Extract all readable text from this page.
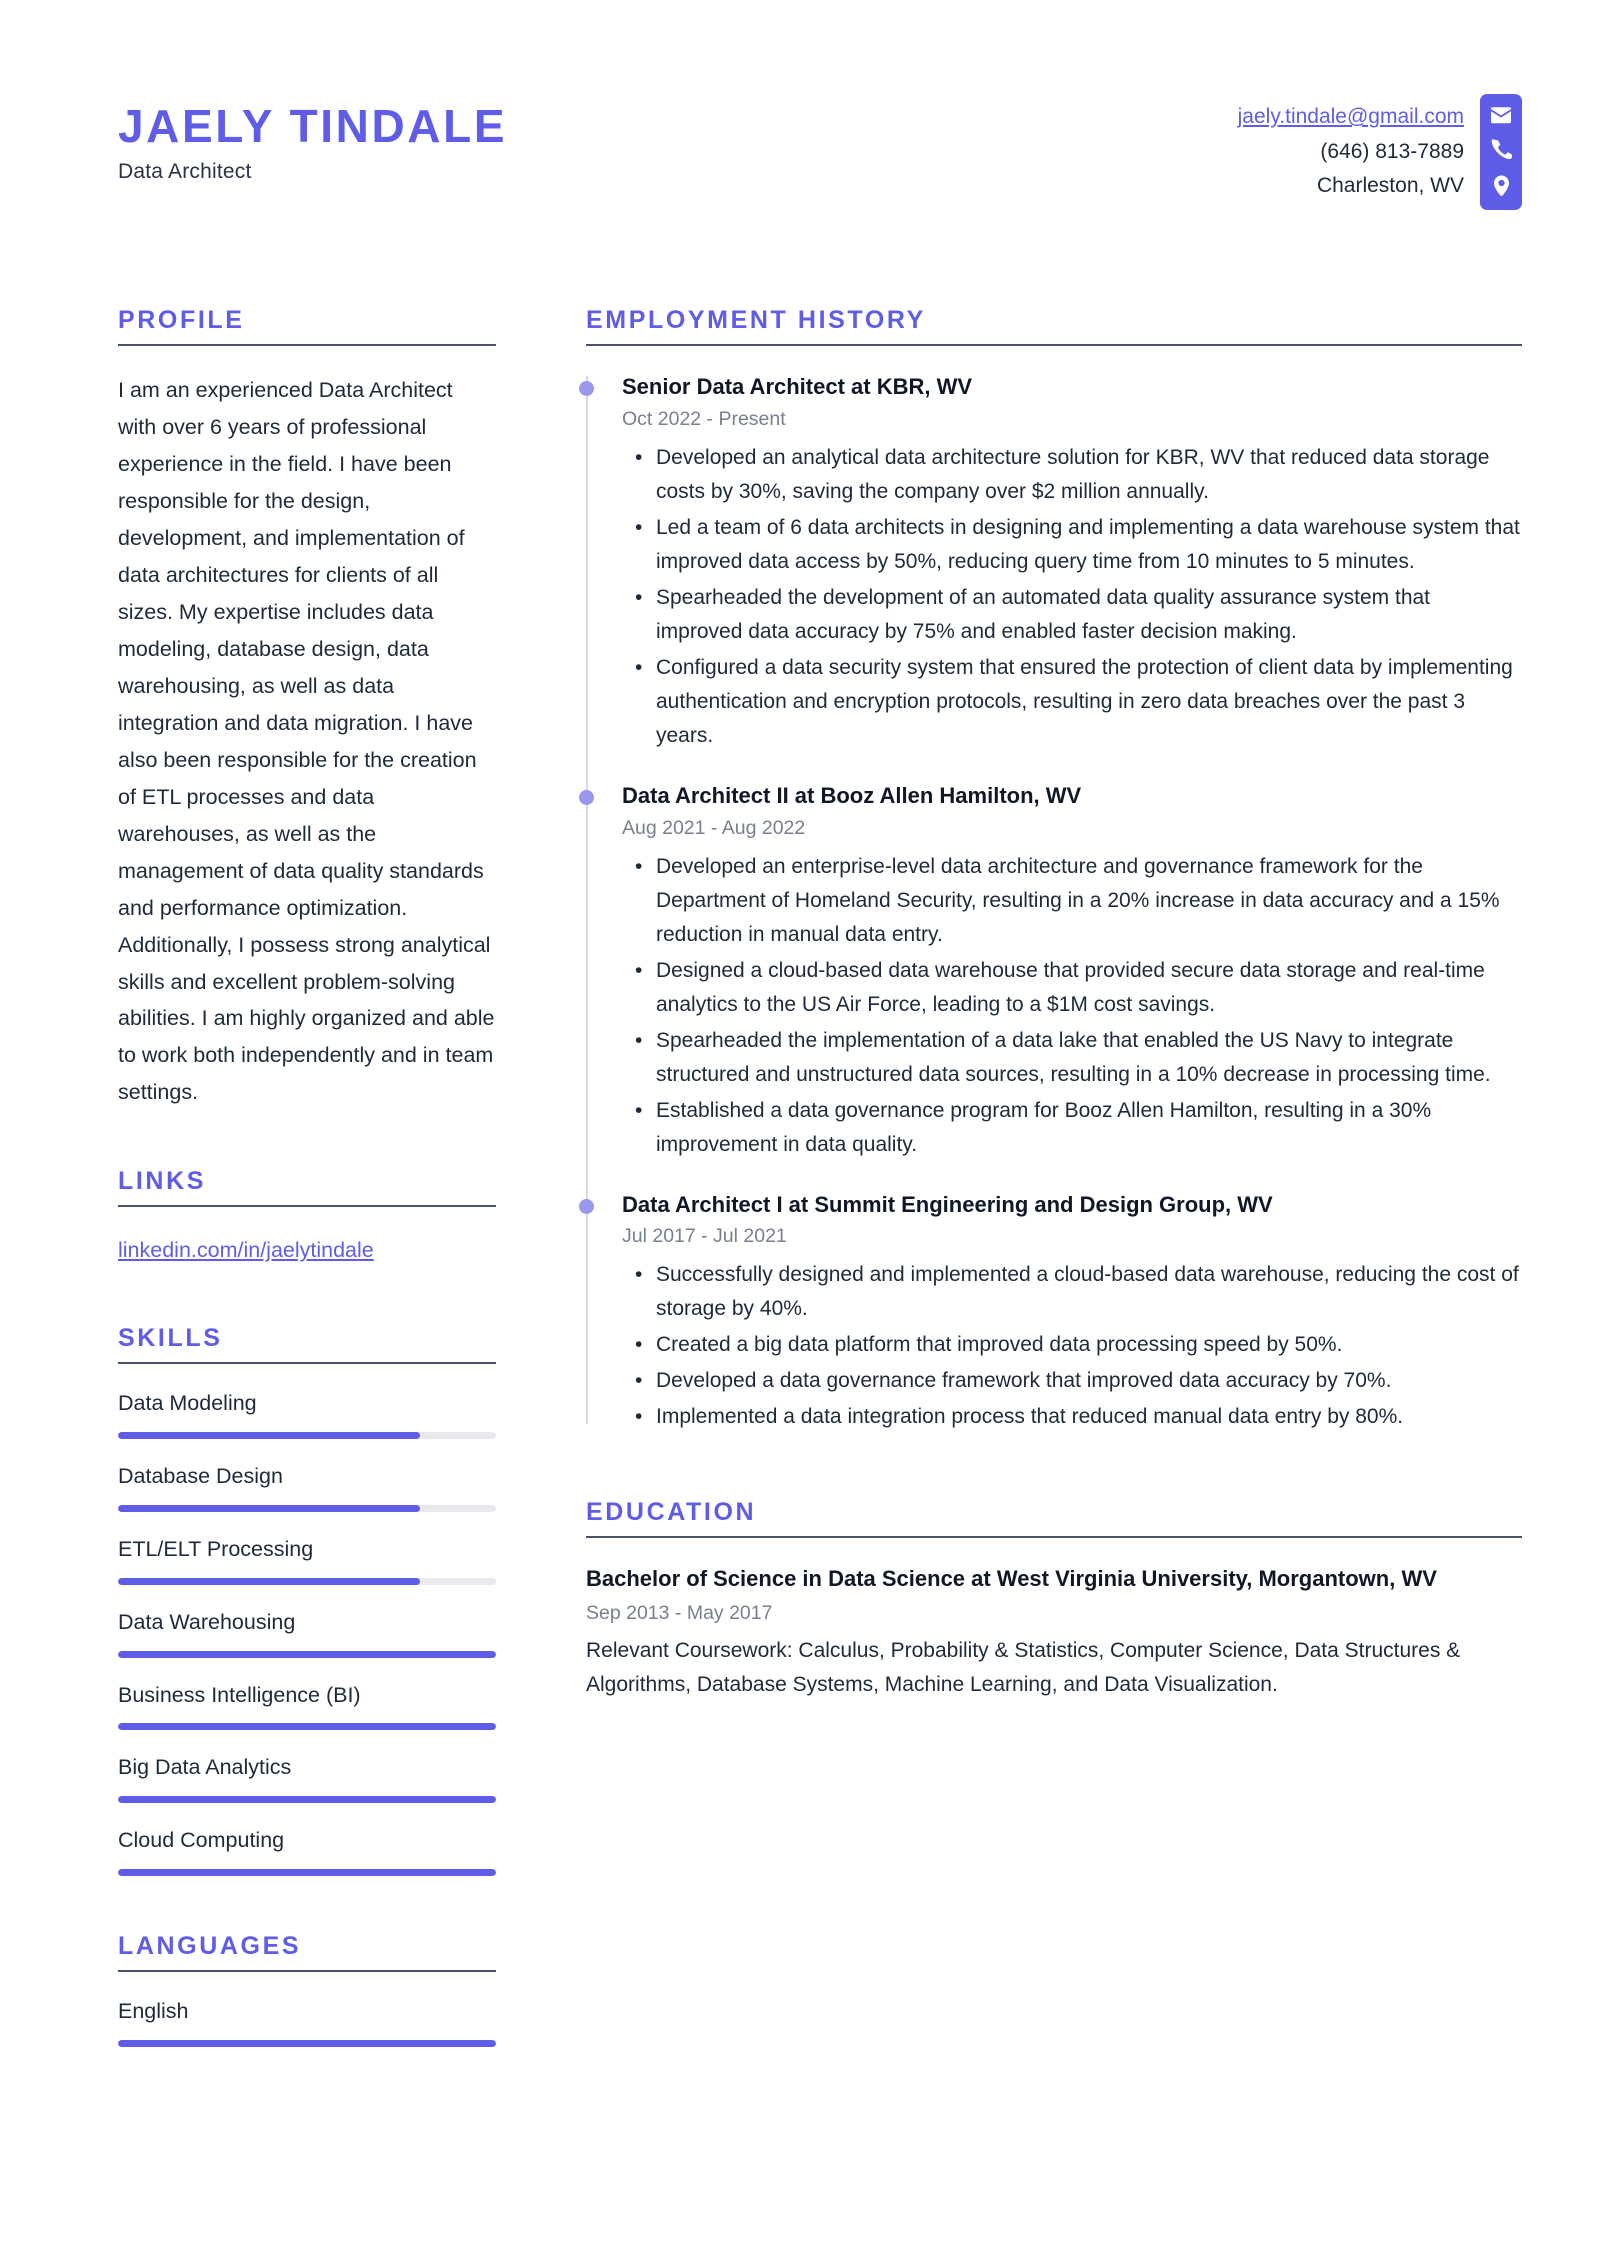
JAELY TINDALE
Data Architect
jaely.tindale@gmail.com
(646) 813-7889
Charleston, WV
PROFILE
I am an experienced Data Architect with over 6 years of professional experience in the field. I have been responsible for the design, development, and implementation of data architectures for clients of all sizes. My expertise includes data modeling, database design, data warehousing, as well as data integration and data migration. I have also been responsible for the creation of ETL processes and data warehouses, as well as the management of data quality standards and performance optimization. Additionally, I possess strong analytical skills and excellent problem-solving abilities. I am highly organized and able to work both independently and in team settings.
LINKS
linkedin.com/in/jaelytindale
SKILLS
Data Modeling
Database Design
ETL/ELT Processing
Data Warehousing
Business Intelligence (BI)
Big Data Analytics
Cloud Computing
LANGUAGES
English
EMPLOYMENT HISTORY
Senior Data Architect at KBR, WV
Oct 2022 - Present
• Developed an analytical data architecture solution for KBR, WV that reduced data storage costs by 30%, saving the company over $2 million annually.
• Led a team of 6 data architects in designing and implementing a data warehouse system that improved data access by 50%, reducing query time from 10 minutes to 5 minutes.
• Spearheaded the development of an automated data quality assurance system that improved data accuracy by 75% and enabled faster decision making.
• Configured a data security system that ensured the protection of client data by implementing authentication and encryption protocols, resulting in zero data breaches over the past 3 years.
Data Architect II at Booz Allen Hamilton, WV
Aug 2021 - Aug 2022
• Developed an enterprise-level data architecture and governance framework for the Department of Homeland Security, resulting in a 20% increase in data accuracy and a 15% reduction in manual data entry.
• Designed a cloud-based data warehouse that provided secure data storage and real-time analytics to the US Air Force, leading to a $1M cost savings.
• Spearheaded the implementation of a data lake that enabled the US Navy to integrate structured and unstructured data sources, resulting in a 10% decrease in processing time.
• Established a data governance program for Booz Allen Hamilton, resulting in a 30% improvement in data quality.
Data Architect I at Summit Engineering and Design Group, WV
Jul 2017 - Jul 2021
• Successfully designed and implemented a cloud-based data warehouse, reducing the cost of storage by 40%.
• Created a big data platform that improved data processing speed by 50%.
• Developed a data governance framework that improved data accuracy by 70%.
• Implemented a data integration process that reduced manual data entry by 80%.
EDUCATION
Bachelor of Science in Data Science at West Virginia University, Morgantown, WV
Sep 2013 - May 2017
Relevant Coursework: Calculus, Probability & Statistics, Computer Science, Data Structures & Algorithms, Database Systems, Machine Learning, and Data Visualization.
